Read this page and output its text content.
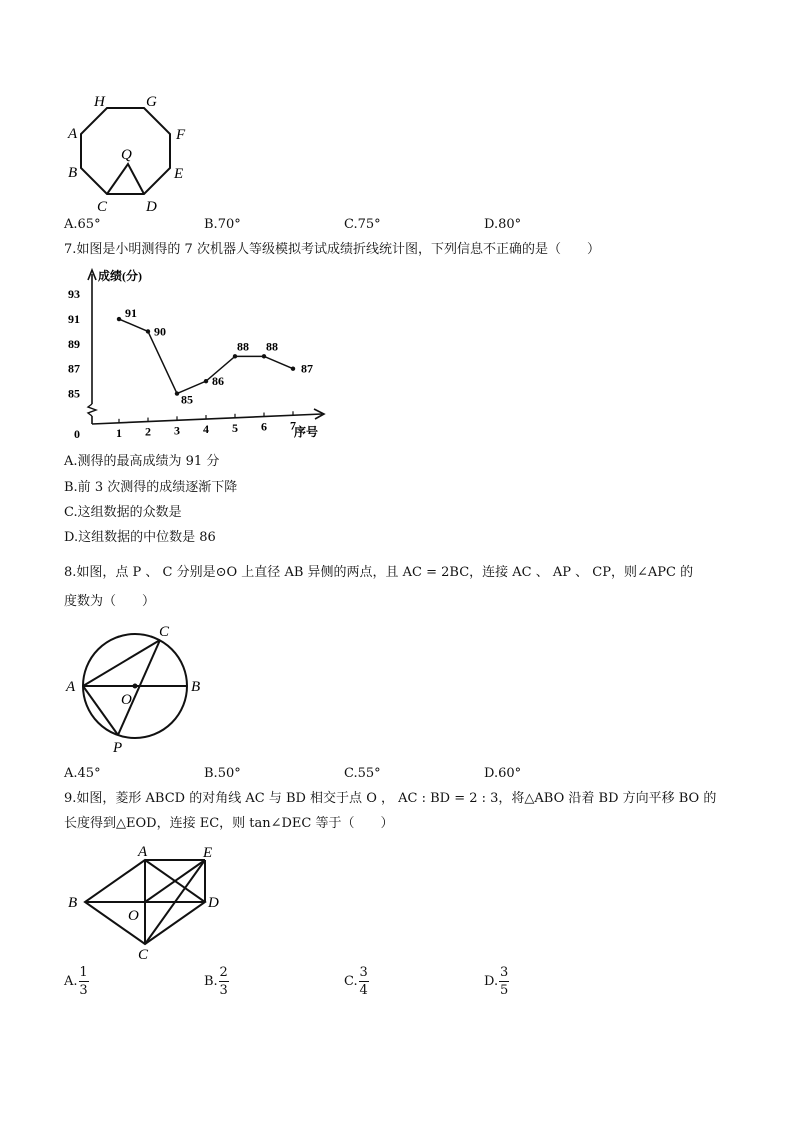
H	G
A	F
B	E
Q
C	D
A.65°	B.70°	C.75°	D.80°
7.如图是小明测得的 7 次机器人等级模拟考试成绩折线统计图，下列信息不正确的是（　　）
成绩(分)
序号
0
85
87
89
91
93
1 2 3 4 5 6 7
91
90
85
86
88 88
87
A.测得的最高成绩为 91 分
B.前 3 次测得的成绩逐渐下降
C.这组数据的众数是
D.这组数据的中位数是 86
8.如图，点 P 、 C 分别是⊙O 上直径 AB 异侧的两点，且 AC = 2BC，连接 AC 、 AP 、 CP，则∠APC 的
度数为（　　）
C
A	B
O
P
A.45°	B.50°	C.55°	D.60°
9.如图，菱形 ABCD 的对角线 AC 与 BD 相交于点 O ， AC : BD = 2 : 3，将△ABO 沿着 BD 方向平移 BO 的
长度得到△EOD，连接 EC，则 tan∠DEC 等于（　　）
A	E
B
O
D
C
A. $\frac{1}{3}$	B. $\frac{2}{3}$	C. $\frac{3}{4}$	D. $\frac{3}{5}$
